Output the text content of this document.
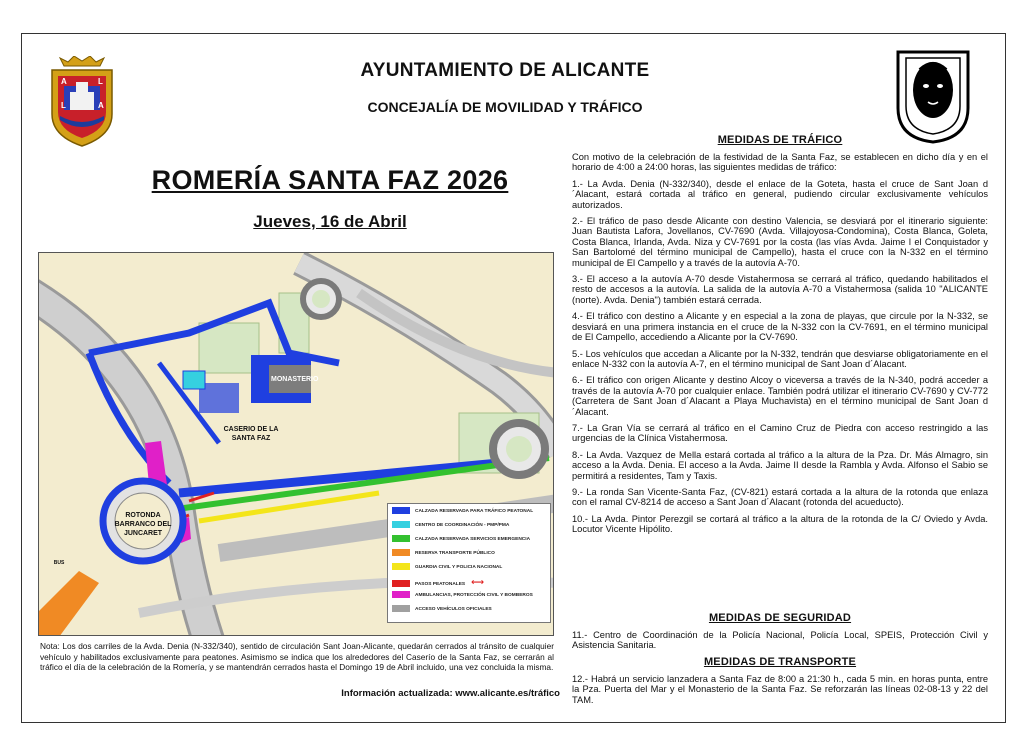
A
L
L
A
AYUNTAMIENTO DE ALICANTE
CONCEJALÍA DE MOVILIDAD Y TRÁFICO
ROMERÍA SANTA FAZ 2026
Jueves, 16 de Abril
MONASTERIO
CASERIO DE LA SANTA FAZ
ROTONDA BARRANCO DEL JUNCARET
BUS
CALZADA RESERVADA PARA TRÁFICO PEATONAL
CENTRO DE COORDINACIÓN - PMP/PMA
CALZADA RESERVADA SERVICIOS EMERGENCIA
RESERVA TRANSPORTE PÚBLICO
GUARDIA CIVIL Y POLICIA NACIONAL
PASOS PEATONALES ⟷
AMBULANCIAS, PROTECCIÓN CIVIL Y BOMBEROS
ACCESO VEHÍCULOS OFICIALES
Nota: Los dos carriles de la Avda. Denia (N-332/340), sentido de circulación Sant Joan-Alicante, quedarán cerrados al tránsito de cualquier vehículo y habilitados exclusivamente para peatones. Asimismo se indica que los alrededores del Caserío de la Santa Faz, se cerrarán al tráfico el día de la celebración de la Romería, y se mantendrán cerrados hasta el Domingo 19 de Abril incluido, una vez concluida la misma.
Información actualizada: www.alicante.es/tráfico
MEDIDAS DE TRÁFICO

Con motivo de la celebración de la festividad de la Santa Faz, se establecen en dicho día y en el horario de 4:00 a 24:00 horas, las siguientes medidas de tráfico:

1.- La Avda. Denia (N-332/340), desde el enlace de la Goteta, hasta el cruce de Sant Joan d´Alacant, estará cortada al tráfico en general, pudiendo circular exclusivamente vehículos autorizados.

2.- El tráfico de paso desde Alicante con destino Valencia, se desviará por el itinerario siguiente: Juan Bautista Lafora, Jovellanos, CV-7690 (Avda. Villajoyosa-Condomina), Costa Blanca, Goleta, Costa Blanca, Irlanda, Avda. Niza y CV-7691 por la costa (las vías Avda. Jaime I el Conquistador y San Bartolomé del término municipal de Campello), hasta el cruce con la N-332 en el término municipal de El Campello y a través de la autovía A-70.

3.- El acceso a la autovía A-70 desde Vistahermosa se cerrará al tráfico, quedando habilitados el resto de accesos a la autovía. La salida de la autovía A-70 a Vistahermosa (salida 10 "ALICANTE (norte). Avda. Denia") también estará cerrada.

4.- El tráfico con destino a Alicante y en especial a la zona de playas, que circule por la N-332, se desviará en una primera instancia en el cruce de la N-332 con la CV-7691, en el término municipal de El Campello, accediendo a Alicante por la CV-7690.

5.- Los vehículos que accedan a Alicante por la N-332, tendrán que desviarse obligatoriamente en el enlace N-332 con la autovía A-7, en el término municipal de Sant Joan d´Alacant.

6.- El tráfico con origen Alicante y destino Alcoy o viceversa a través de la N-340, podrá acceder a través de la autovía A-70 por cualquier enlace. También podrá utilizar el itinerario CV-7690 y CV-772 (Carretera de Sant Joan d´Alacant a Playa Muchavista) en el término municipal de Sant Joan d´Alacant.

7.- La Gran Vía se cerrará al tráfico en el Camino Cruz de Piedra con acceso restringido a las urgencias de la Clínica Vistahermosa.

8.- La Avda. Vazquez de Mella estará cortada al tráfico a la altura de la Pza. Dr. Más Almagro, sin acceso a la Avda. Denia. El acceso a la Avda. Jaime II desde la Rambla y Avda. Alfonso el Sabio se permitirá a residentes, Tam y Taxis.

9.- La ronda San Vicente-Santa Faz, (CV-821) estará cortada a la altura de la rotonda que enlaza con el ramal CV-8214 de acceso a Sant Joan d´Alacant (rotonda del acueducto).

10.- La Avda. Pintor Perezgil se cortará al tráfico a la altura de la rotonda de la C/ Oviedo y Avda. Locutor Vicente Hipólito.

MEDIDAS DE SEGURIDAD
11.- Centro de Coordinación de la Policía Nacional, Policía Local, SPEIS, Protección Civil y Asistencia Sanitaria.
MEDIDAS DE TRANSPORTE
12.- Habrá un servicio lanzadera a Santa Faz de 8:00 a 21:30 h., cada 5 min. en horas punta, entre la Pza. Puerta del Mar y el Monasterio de la Santa Faz. Se reforzarán las líneas 02-08-13 y 22 del TAM.
